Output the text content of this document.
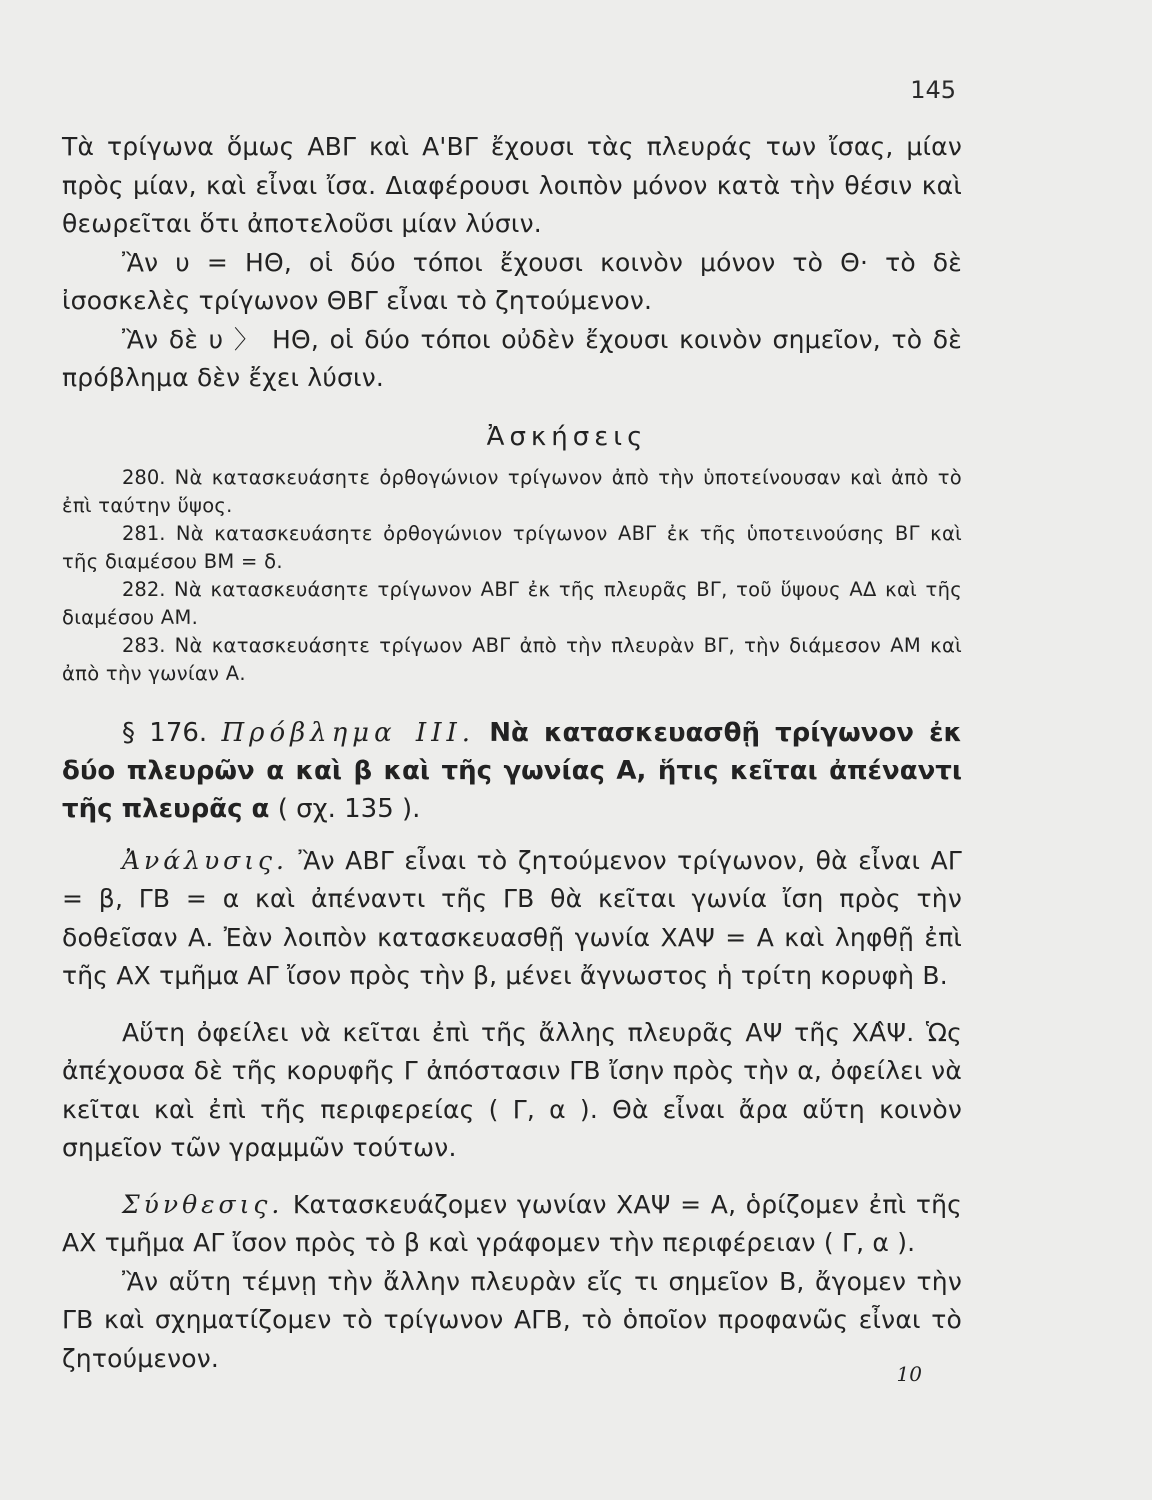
145

Τὰ τρίγωνα ὅμως ΑΒΓ καὶ Α'ΒΓ ἔχουσι τὰς πλευράς των ἴσας, μίαν πρὸς μίαν, καὶ εἶναι ἴσα. Διαφέρουσι λοιπὸν μόνον κατὰ τὴν θέσιν καὶ θεωρεῖται ὅτι ἀποτελοῦσι μίαν λύσιν.

Ἂν υ = ΗΘ, οἱ δύο τόποι ἔχουσι κοινὸν μόνον τὸ Θ· τὸ δὲ ἰσοσκελὲς τρίγωνον ΘΒΓ εἶναι τὸ ζητούμενον.

Ἂν δὲ υ 〉 ΗΘ, οἱ δύο τόποι οὐδὲν ἔχουσι κοινὸν σημεῖον, τὸ δὲ πρόβλημα δὲν ἔχει λύσιν.

Ἀσκήσεις

280. Νὰ κατασκευάσητε ὀρθογώνιον τρίγωνον ἀπὸ τὴν ὑποτείνουσαν καὶ ἀπὸ τὸ ἐπὶ ταύτην ὕψος.

281. Νὰ κατασκευάσητε ὀρθογώνιον τρίγωνον ΑΒΓ ἐκ τῆς ὑποτεινούσης ΒΓ καὶ τῆς διαμέσου ΒΜ = δ.

282. Νὰ κατασκευάσητε τρίγωνον ΑΒΓ ἐκ τῆς πλευρᾶς ΒΓ, τοῦ ὕψους ΑΔ καὶ τῆς διαμέσου ΑΜ.

283. Νὰ κατασκευάσητε τρίγωον ΑΒΓ ἀπὸ τὴν πλευρὰν ΒΓ, τὴν διάμεσον ΑΜ καὶ ἀπὸ τὴν γωνίαν Α.

§ 176. Πρόβλημα ΙΙΙ. Νὰ κατασκευασθῇ τρίγωνον ἐκ δύο πλευρῶν α καὶ β καὶ τῆς γωνίας Α, ἥτις κεῖται ἀπέναντι τῆς πλευρᾶς α ( σχ. 135 ).

Ἀνάλυσις. Ἂν ΑΒΓ εἶναι τὸ ζητούμενον τρίγωνον, θὰ εἶναι ΑΓ = β, ΓΒ = α καὶ ἀπέναντι τῆς ΓΒ θὰ κεῖται γωνία ἴση πρὸς τὴν δοθεῖσαν Α. Ἐὰν λοιπὸν κατασκευασθῇ γωνία ΧΑΨ = Α καὶ ληφθῇ ἐπὶ τῆς ΑΧ τμῆμα ΑΓ ἴσον πρὸς τὴν β, μένει ἄγνωστος ἡ τρίτη κορυφὴ Β.

Αὕτη ὀφείλει νὰ κεῖται ἐπὶ τῆς ἄλλης πλευρᾶς ΑΨ τῆς ΧΑ̂Ψ. Ὡς ἀπέχουσα δὲ τῆς κορυφῆς Γ ἀπόστασιν ΓΒ ἴσην πρὸς τὴν α, ὀφείλει νὰ κεῖται καὶ ἐπὶ τῆς περιφερείας ( Γ, α ). Θὰ εἶναι ἄρα αὕτη κοινὸν σημεῖον τῶν γραμμῶν τούτων.

Σύνθεσις. Κατασκευάζομεν γωνίαν ΧΑΨ = Α, ὁρίζομεν ἐπὶ τῆς ΑΧ τμῆμα ΑΓ ἴσον πρὸς τὸ β καὶ γράφομεν τὴν περιφέρειαν ( Γ, α ).

Ἂν αὕτη τέμνῃ τὴν ἄλλην πλευρὰν εἴς τι σημεῖον Β, ἄγομεν τὴν ΓΒ καὶ σχηματίζομεν τὸ τρίγωνον ΑΓΒ, τὸ ὁποῖον προφανῶς εἶναι τὸ ζητούμενον.

10
